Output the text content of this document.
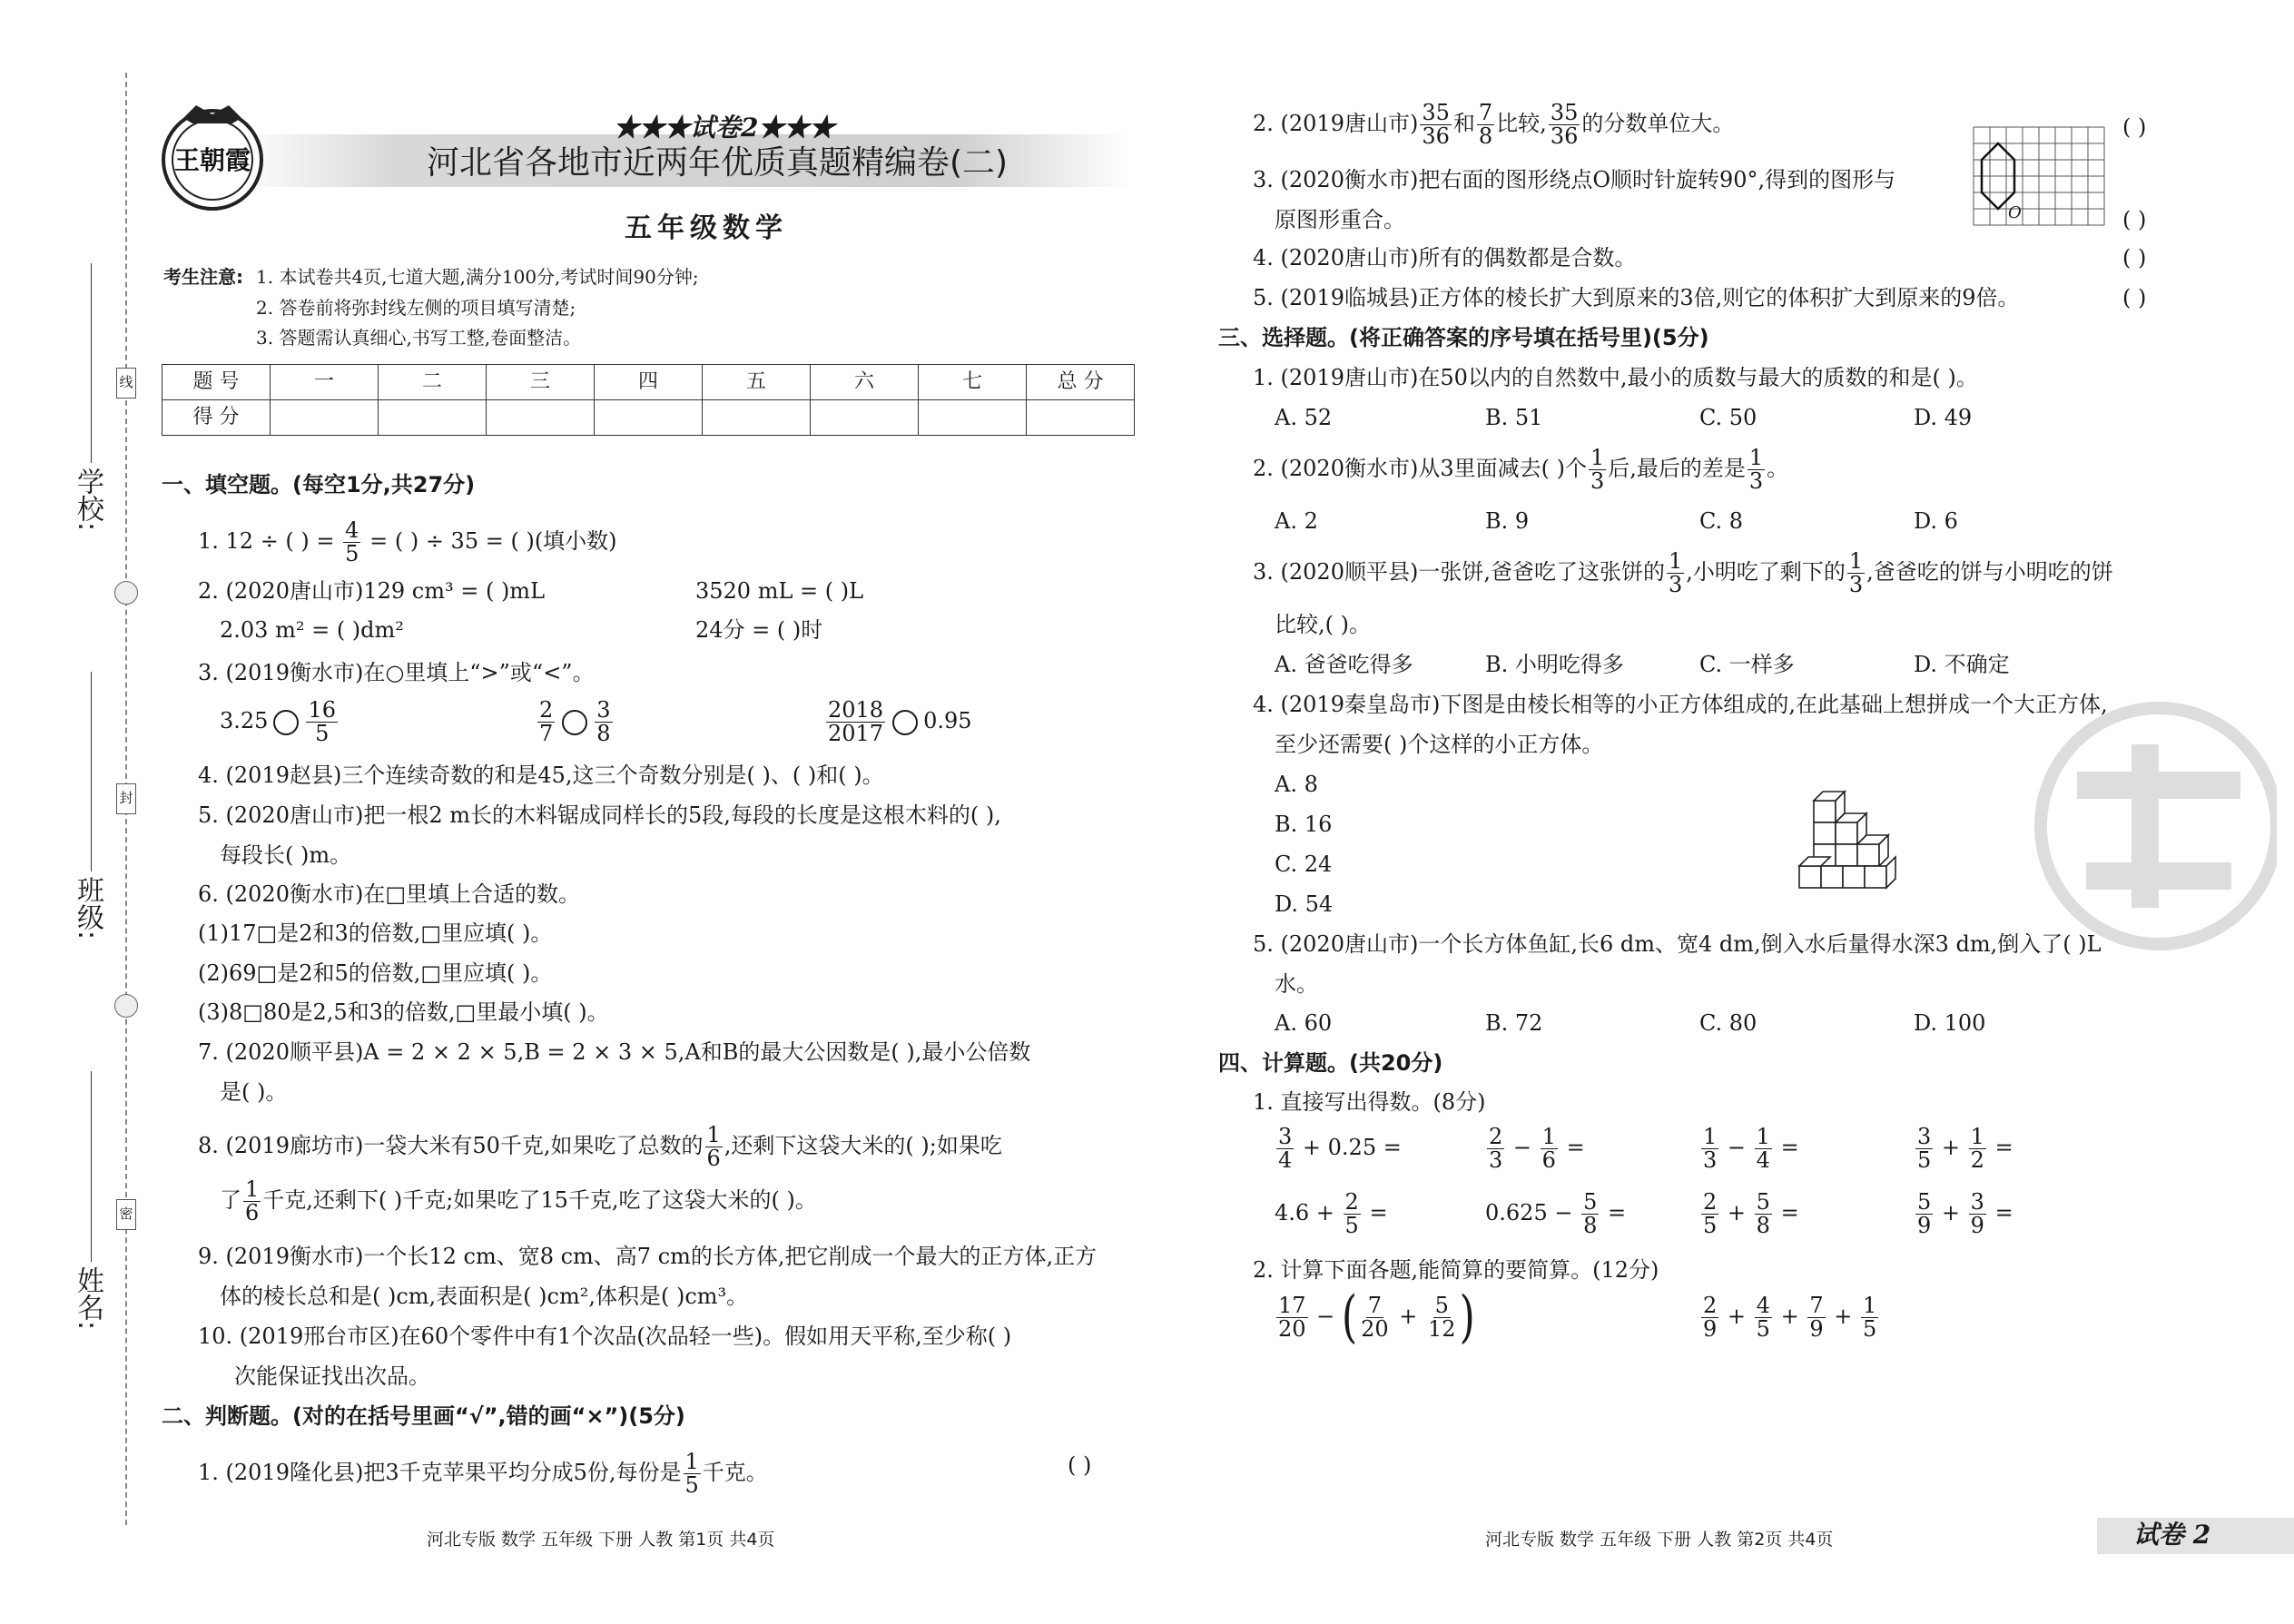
线
封
密
学校:
班级:
姓名:
王朝霞
★★★试卷2★★★
河北省各地市近两年优质真题精编卷(二)
五年级数学
考生注意: 1. 本试卷共4页,七道大题,满分100分,考试时间90分钟;
2. 答卷前将弥封线左侧的项目填写清楚;
3. 答题需认真细心,书写工整,卷面整洁。
题 号	一	二	三	四	五	六	七	总 分
得 分								
一、填空题。(每空1分,共27分)
1. 12 ÷ ( ) = $\frac{4}{5}$ = ( ) ÷ 35 = ( )(填小数)
2. (2020唐山市)129 cm³ = ( )mL	3520 mL = ( )L
2.03 m² = ( )dm²	24分 = ( )时
3. (2019衡水市)在○里填上“>”或“<”。
$3.25 \frac{16}{5}$	$\frac{2}{7} \frac{3}{8}$	$\frac{2018}{2017} 0.95$
4. (2019赵县)三个连续奇数的和是45,这三个奇数分别是( )、( )和( )。
5. (2020唐山市)把一根2 m长的木料锯成同样长的5段,每段的长度是这根木料的( ),
每段长( )m。
6. (2020衡水市)在□里填上合适的数。
(1)17□是2和3的倍数,□里应填( )。
(2)69□是2和5的倍数,□里应填( )。
(3)8□80是2,5和3的倍数,□里最小填( )。
7. (2020顺平县)A = 2 × 2 × 5,B = 2 × 3 × 5,A和B的最大公因数是( ),最小公倍数
是( )。
8. (2019廊坊市)一袋大米有50千克,如果吃了总数的 $\frac{1}{6}$ ,还剩下这袋大米的( );如果吃
了 $\frac{1}{6}$ 千克,还剩下( )千克;如果吃了15千克,吃了这袋大米的( )。
9. (2019衡水市)一个长12 cm、宽8 cm、高7 cm的长方体,把它削成一个最大的正方体,正方
体的棱长总和是( )cm,表面积是( )cm²,体积是( )cm³。
10. (2019邢台市区)在60个零件中有1个次品(次品轻一些)。假如用天平称,至少称( )
次能保证找出次品。
二、判断题。(对的在括号里画“√”,错的画“×”)(5分)
1. (2019隆化县)把3千克苹果平均分成5份,每份是 $\frac{1}{5}$ 千克。	( )
河北专版 数学 五年级 下册 人教 第1页 共4页
2. (2019唐山市) $\frac{35}{36}$ 和 $\frac{7}{8}$ 比较, $\frac{35}{36}$ 的分数单位大。	( )
3. (2020衡水市)把右面的图形绕点O顺时针旋转90°,得到的图形与
原图形重合。	( )
O
4. (2020唐山市)所有的偶数都是合数。	( )
5. (2019临城县)正方体的棱长扩大到原来的3倍,则它的体积扩大到原来的9倍。	( )
三、选择题。(将正确答案的序号填在括号里)(5分)
1. (2019唐山市)在50以内的自然数中,最小的质数与最大的质数的和是( )。
A. 52	B. 51	C. 50	D. 49
2. (2020衡水市)从3里面减去( )个 $\frac{1}{3}$ 后,最后的差是 $\frac{1}{3}$ 。
A. 2	B. 9	C. 8	D. 6
3. (2020顺平县)一张饼,爸爸吃了这张饼的 $\frac{1}{3}$ ,小明吃了剩下的 $\frac{1}{3}$ ,爸爸吃的饼与小明吃的饼
比较,( )。
A. 爸爸吃得多	B. 小明吃得多	C. 一样多	D. 不确定
4. (2019秦皇岛市)下图是由棱长相等的小正方体组成的,在此基础上想拼成一个大正方体,
至少还需要( )个这样的小正方体。
A. 8
B. 16
C. 24
D. 54
5. (2020唐山市)一个长方体鱼缸,长6 dm、宽4 dm,倒入水后量得水深3 dm,倒入了( )L
水。
A. 60	B. 72	C. 80	D. 100
四、计算题。(共20分)
1. 直接写出得数。(8分)
$\frac{3}{4} + 0.25$ =	$\frac{2}{3} - \frac{1}{6}$ =	$\frac{1}{3} - \frac{1}{4}$ =	$\frac{3}{5} + \frac{1}{2}$ =
$4.6 + \frac{2}{5}$ =	$0.625 - \frac{5}{8}$ =	$\frac{2}{5} + \frac{5}{8}$ =	$\frac{5}{9} + \frac{3}{9}$ =
2. 计算下面各题,能简算的要简算。(12分)
$\frac{17}{20}$ − ( $\frac{7}{20} + \frac{5}{12}$ )	$\frac{2}{9} + \frac{4}{5} + \frac{7}{9} + \frac{1}{5}$
河北专版 数学 五年级 下册 人教 第2页 共4页	试卷 2
